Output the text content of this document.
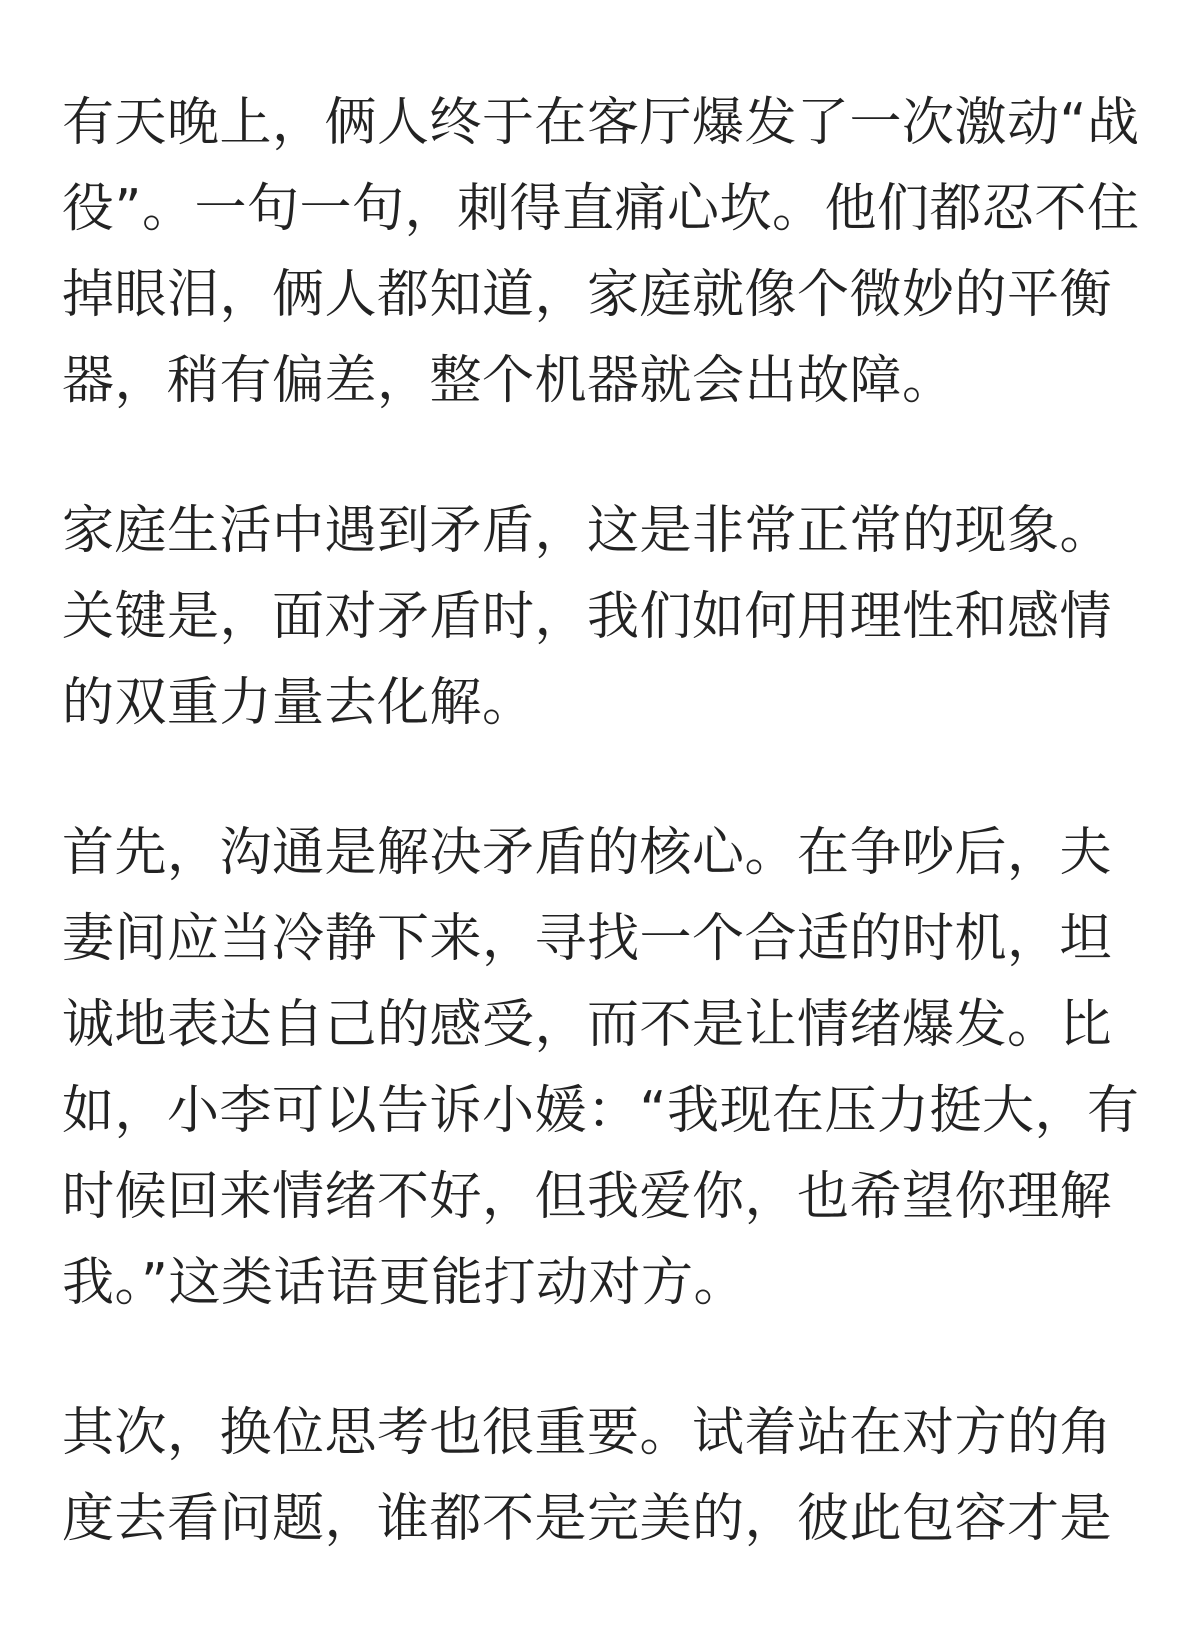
有天晚上，俩人终于在客厅爆发了一次激动“战
役”。一句一句，刺得直痛心坎。他们都忍不住
掉眼泪，俩人都知道，家庭就像个微妙的平衡
器，稍有偏差，整个机器就会出故障。
家庭生活中遇到矛盾，这是非常正常的现象。
关键是，面对矛盾时，我们如何用理性和感情
的双重力量去化解。
首先，沟通是解决矛盾的核心。在争吵后，夫
妻间应当冷静下来，寻找一个合适的时机，坦
诚地表达自己的感受，而不是让情绪爆发。比
如，小李可以告诉小媛：“我现在压力挺大，有
时候回来情绪不好，但我爱你，也希望你理解
我。”这类话语更能打动对方。
其次，换位思考也很重要。试着站在对方的角
度去看问题，谁都不是完美的，彼此包容才是
